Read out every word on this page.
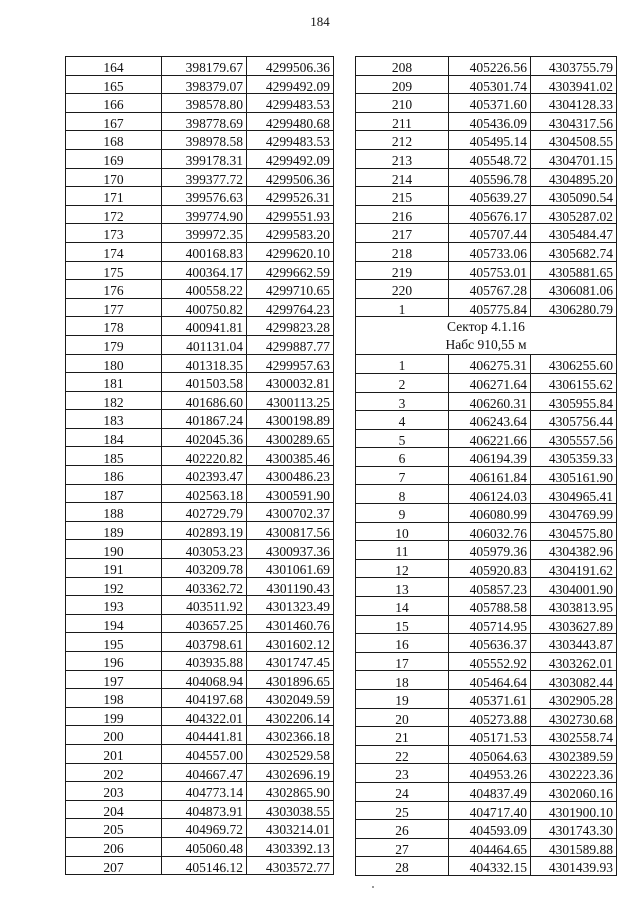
184
164	398179.67	4299506.36
165	398379.07	4299492.09
166	398578.80	4299483.53
167	398778.69	4299480.68
168	398978.58	4299483.53
169	399178.31	4299492.09
170	399377.72	4299506.36
171	399576.63	4299526.31
172	399774.90	4299551.93
173	399972.35	4299583.20
174	400168.83	4299620.10
175	400364.17	4299662.59
176	400558.22	4299710.65
177	400750.82	4299764.23
178	400941.81	4299823.28
179	401131.04	4299887.77
180	401318.35	4299957.63
181	401503.58	4300032.81
182	401686.60	4300113.25
183	401867.24	4300198.89
184	402045.36	4300289.65
185	402220.82	4300385.46
186	402393.47	4300486.23
187	402563.18	4300591.90
188	402729.79	4300702.37
189	402893.19	4300817.56
190	403053.23	4300937.36
191	403209.78	4301061.69
192	403362.72	4301190.43
193	403511.92	4301323.49
194	403657.25	4301460.76
195	403798.61	4301602.12
196	403935.88	4301747.45
197	404068.94	4301896.65
198	404197.68	4302049.59
199	404322.01	4302206.14
200	404441.81	4302366.18
201	404557.00	4302529.58
202	404667.47	4302696.19
203	404773.14	4302865.90
204	404873.91	4303038.55
205	404969.72	4303214.01
206	405060.48	4303392.13
207	405146.12	4303572.77
208	405226.56	4303755.79
209	405301.74	4303941.02
210	405371.60	4304128.33
211	405436.09	4304317.56
212	405495.14	4304508.55
213	405548.72	4304701.15
214	405596.78	4304895.20
215	405639.27	4305090.54
216	405676.17	4305287.02
217	405707.44	4305484.47
218	405733.06	4305682.74
219	405753.01	4305881.65
220	405767.28	4306081.06
1	405775.84	4306280.79

Сектор 4.1.16
Набс 910,55 м		

1	406275.31	4306255.60
2	406271.64	4306155.62
3	406260.31	4305955.84
4	406243.64	4305756.44
5	406221.66	4305557.56
6	406194.39	4305359.33
7	406161.84	4305161.90
8	406124.03	4304965.41
9	406080.99	4304769.99
10	406032.76	4304575.80
11	405979.36	4304382.96
12	405920.83	4304191.62
13	405857.23	4304001.90
14	405788.58	4303813.95
15	405714.95	4303627.89
16	405636.37	4303443.87
17	405552.92	4303262.01
18	405464.64	4303082.44
19	405371.61	4302905.28
20	405273.88	4302730.68
21	405171.53	4302558.74
22	405064.63	4302389.59
23	404953.26	4302223.36
24	404837.49	4302060.16
25	404717.40	4301900.10
26	404593.09	4301743.30
27	404464.65	4301589.88
28	404332.15	4301439.93
